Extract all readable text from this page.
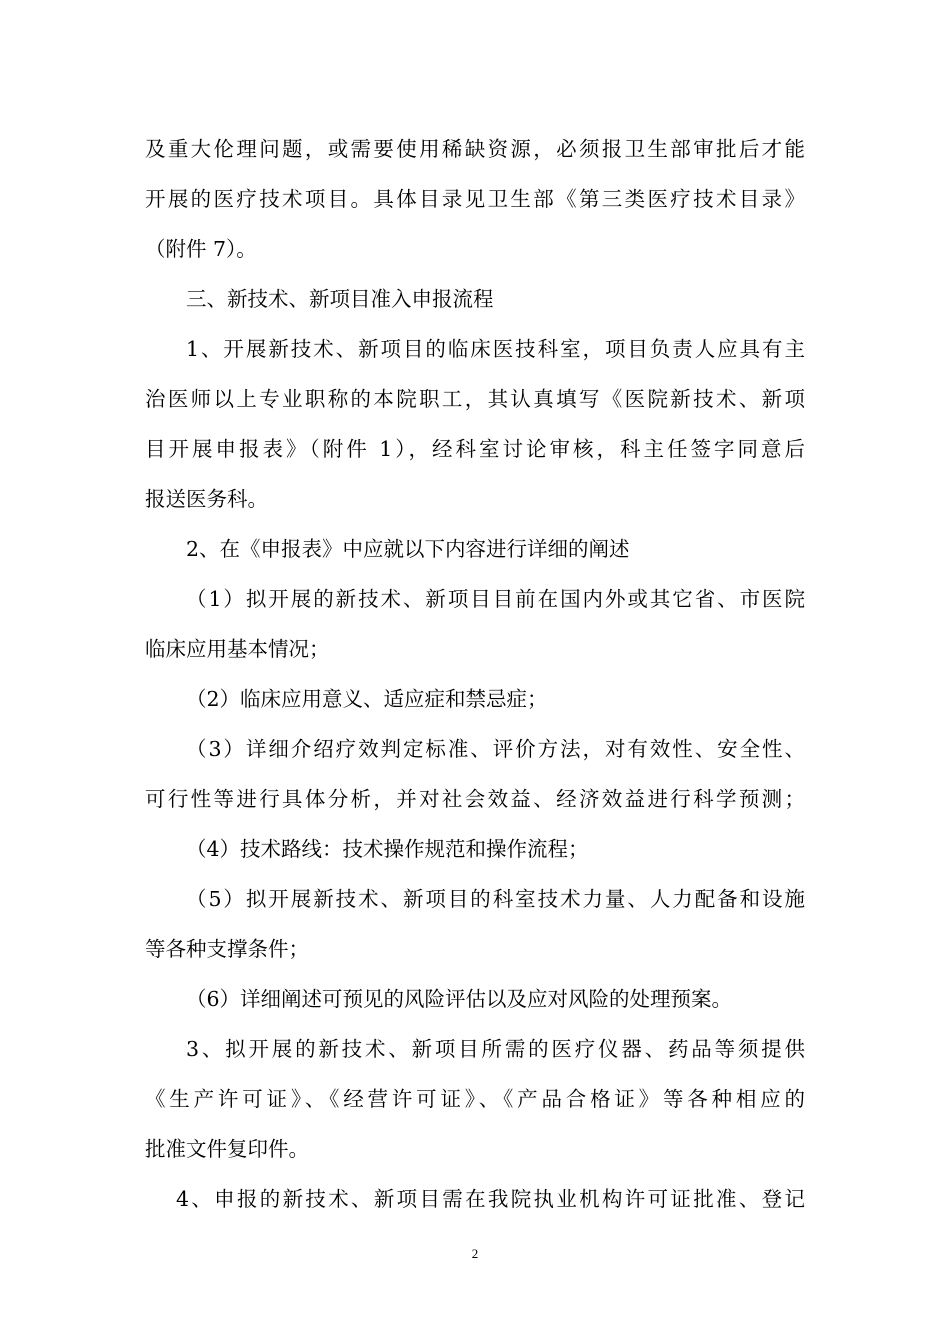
及重大伦理问题，或需要使用稀缺资源，必须报卫生部审批后才能
开展的医疗技术项目。具体目录见卫生部《第三类医疗技术目录》
（附件 7）。
三、新技术、新项目准入申报流程
1、开展新技术、新项目的临床医技科室，项目负责人应具有主
治医师以上专业职称的本院职工，其认真填写《医院新技术、新项
目开展申报表》（附件 1），经科室讨论审核，科主任签字同意后
报送医务科。
2、在《申报表》中应就以下内容进行详细的阐述
（1）拟开展的新技术、新项目目前在国内外或其它省、市医院
临床应用基本情况；
（2）临床应用意义、适应症和禁忌症；
（3）详细介绍疗效判定标准、评价方法，对有效性、安全性、
可行性等进行具体分析，并对社会效益、经济效益进行科学预测；
（4）技术路线：技术操作规范和操作流程；
（5）拟开展新技术、新项目的科室技术力量、人力配备和设施
等各种支撑条件；
（6）详细阐述可预见的风险评估以及应对风险的处理预案。
3、拟开展的新技术、新项目所需的医疗仪器、药品等须提供
《生产许可证》、《经营许可证》、《产品合格证》等各种相应的
批准文件复印件。
4、申报的新技术、新项目需在我院执业机构许可证批准、登记
2
